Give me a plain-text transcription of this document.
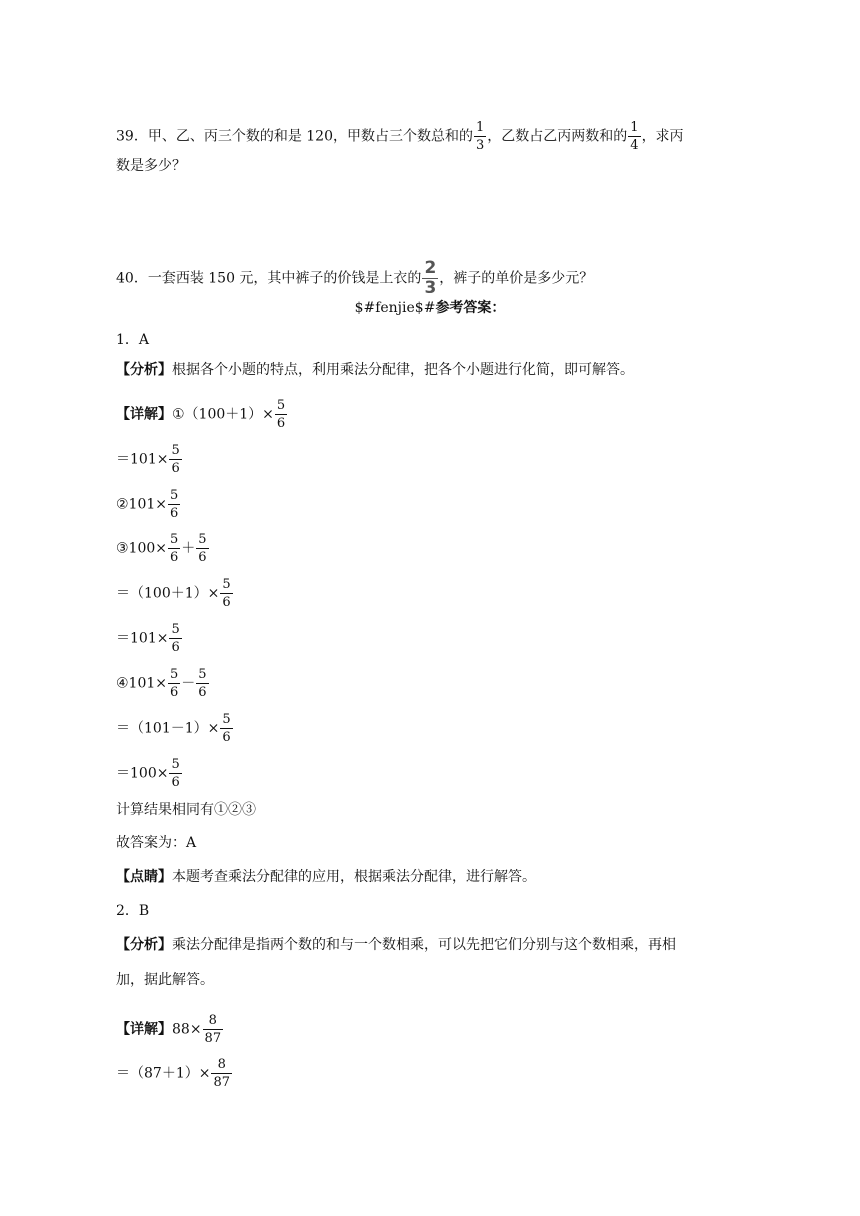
39．甲、乙、丙三个数的和是 120，甲数占三个数总和的 $\frac{1}{3}$ ，乙数占乙丙两数和的 $\frac{1}{4}$ ，求丙
数是多少？
40．一套西装 150 元，其中裤子的价钱是上衣的 $\frac{2}{3}$ ，裤子的单价是多少元？
$#fenjie$#参考答案：
1．A
【分析】根据各个小题的特点，利用乘法分配律，把各个小题进行化简，即可解答。
【详解】①（100＋1）× $\frac{5}{6}$
$=101\times \frac{5}{6}$
②101× $\frac{5}{6}$
③100× $\frac{5}{6} + \frac{5}{6}$
$=(100+1)\times \frac{5}{6}$
$=101\times \frac{5}{6}$
④101× $\frac{5}{6} - \frac{5}{6}$
$=(101-1)\times \frac{5}{6}$
$=100\times \frac{5}{6}$
计算结果相同有①②③
故答案为：A
【点睛】本题考查乘法分配律的应用，根据乘法分配律，进行解答。
2．B
【分析】乘法分配律是指两个数的和与一个数相乘，可以先把它们分别与这个数相乘，再相
加，据此解答。
【详解】$88\times \frac{8}{87}$
$=(87+1)\times \frac{8}{87}$
